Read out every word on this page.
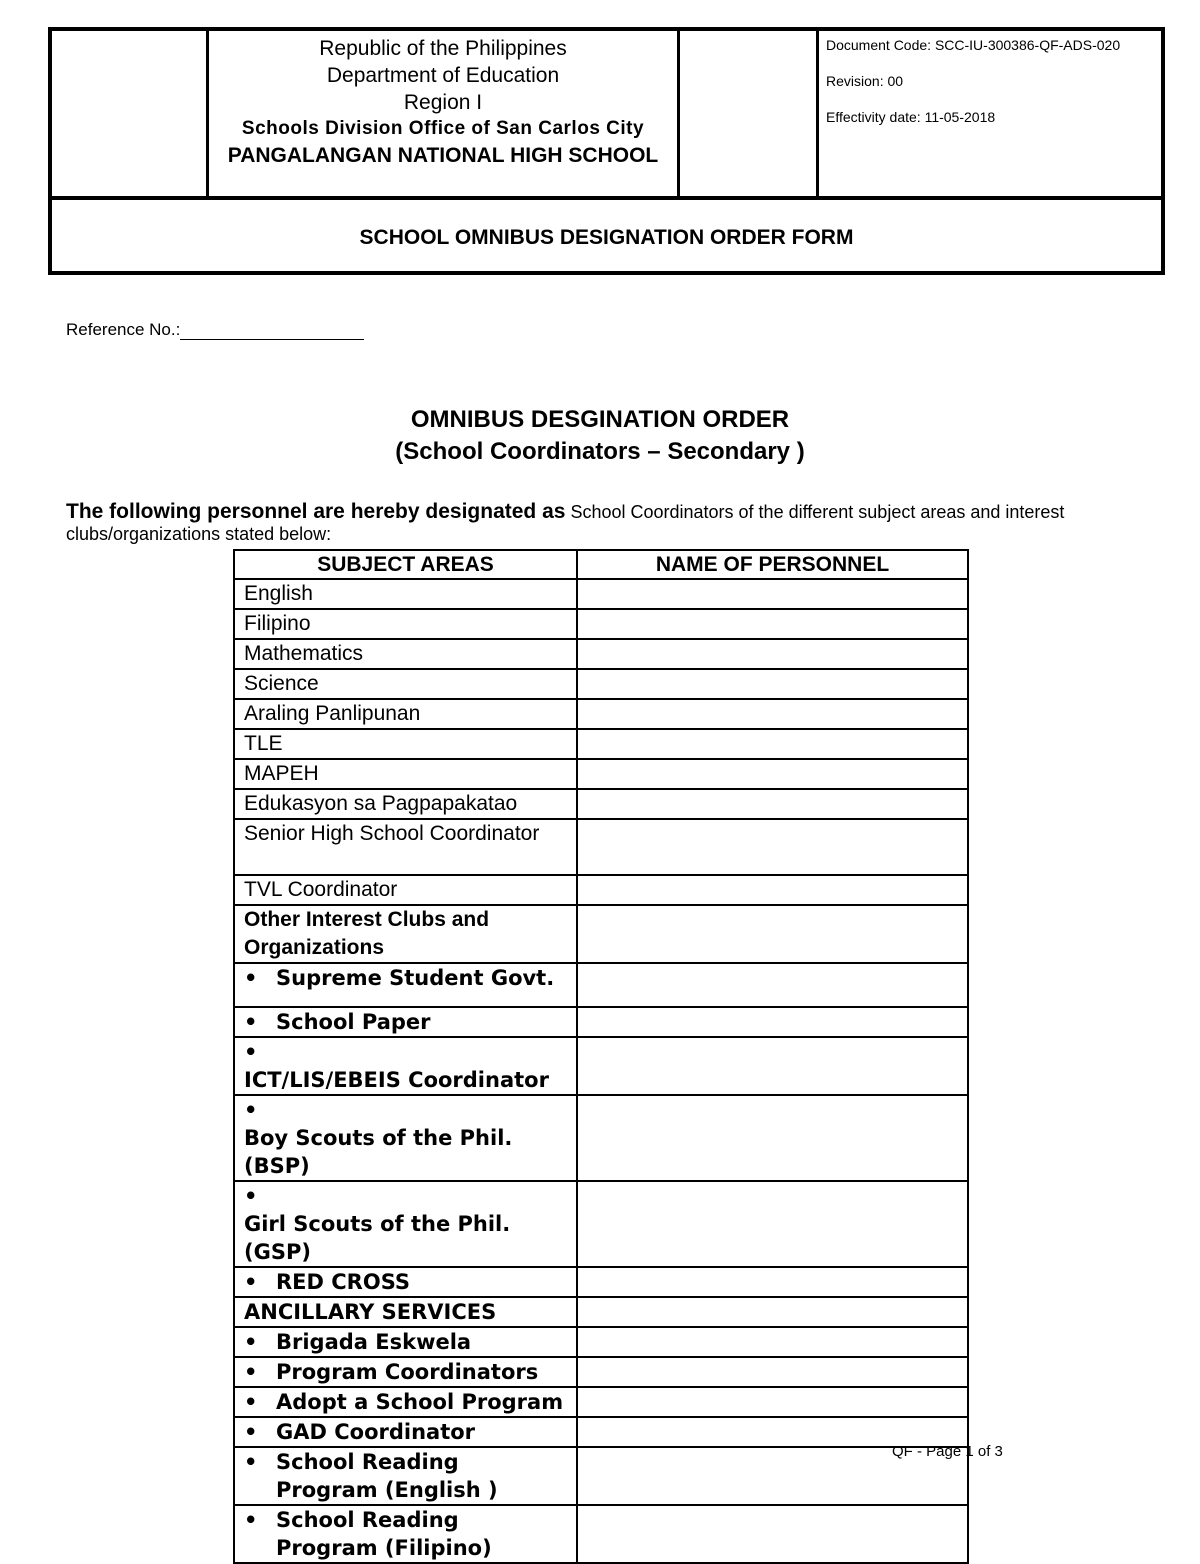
Republic of the Philippines
Department of Education
Region I
Schools Division Office of San Carlos City
PANGALANGAN NATIONAL HIGH SCHOOL
Document Code: SCC-IU-300386-QF-ADS-020
Revision: 00
Effectivity date: 11-05-2018
SCHOOL OMNIBUS DESIGNATION ORDER FORM
Reference No.:
OMNIBUS DESGINATION ORDER
(School Coordinators – Secondary )
The following personnel are hereby designated as School Coordinators of the different subject areas and interest clubs/organizations stated below:
SUBJECT AREAS	NAME OF PERSONNEL
English	
Filipino	
Mathematics	
Science	
Araling Panlipunan	
TLE	
MAPEH	
Edukasyon sa Pagpapakatao	
Senior High School Coordinator	
TVL Coordinator	
Other Interest Clubs and Organizations	
• Supreme Student Govt.	
• School Paper	
•ICT/LIS/EBEIS Coordinator	
•Boy Scouts of the Phil. (BSP)	
•Girl Scouts of the Phil. (GSP)	
• RED CROSS	
ANCILLARY SERVICES	
• Brigada Eskwela	
• Program Coordinators	
• Adopt a School Program	
• GAD Coordinator	
• School Reading Program (English )	
• School Reading Program (Filipino)	
QF - Page 1 of 3
